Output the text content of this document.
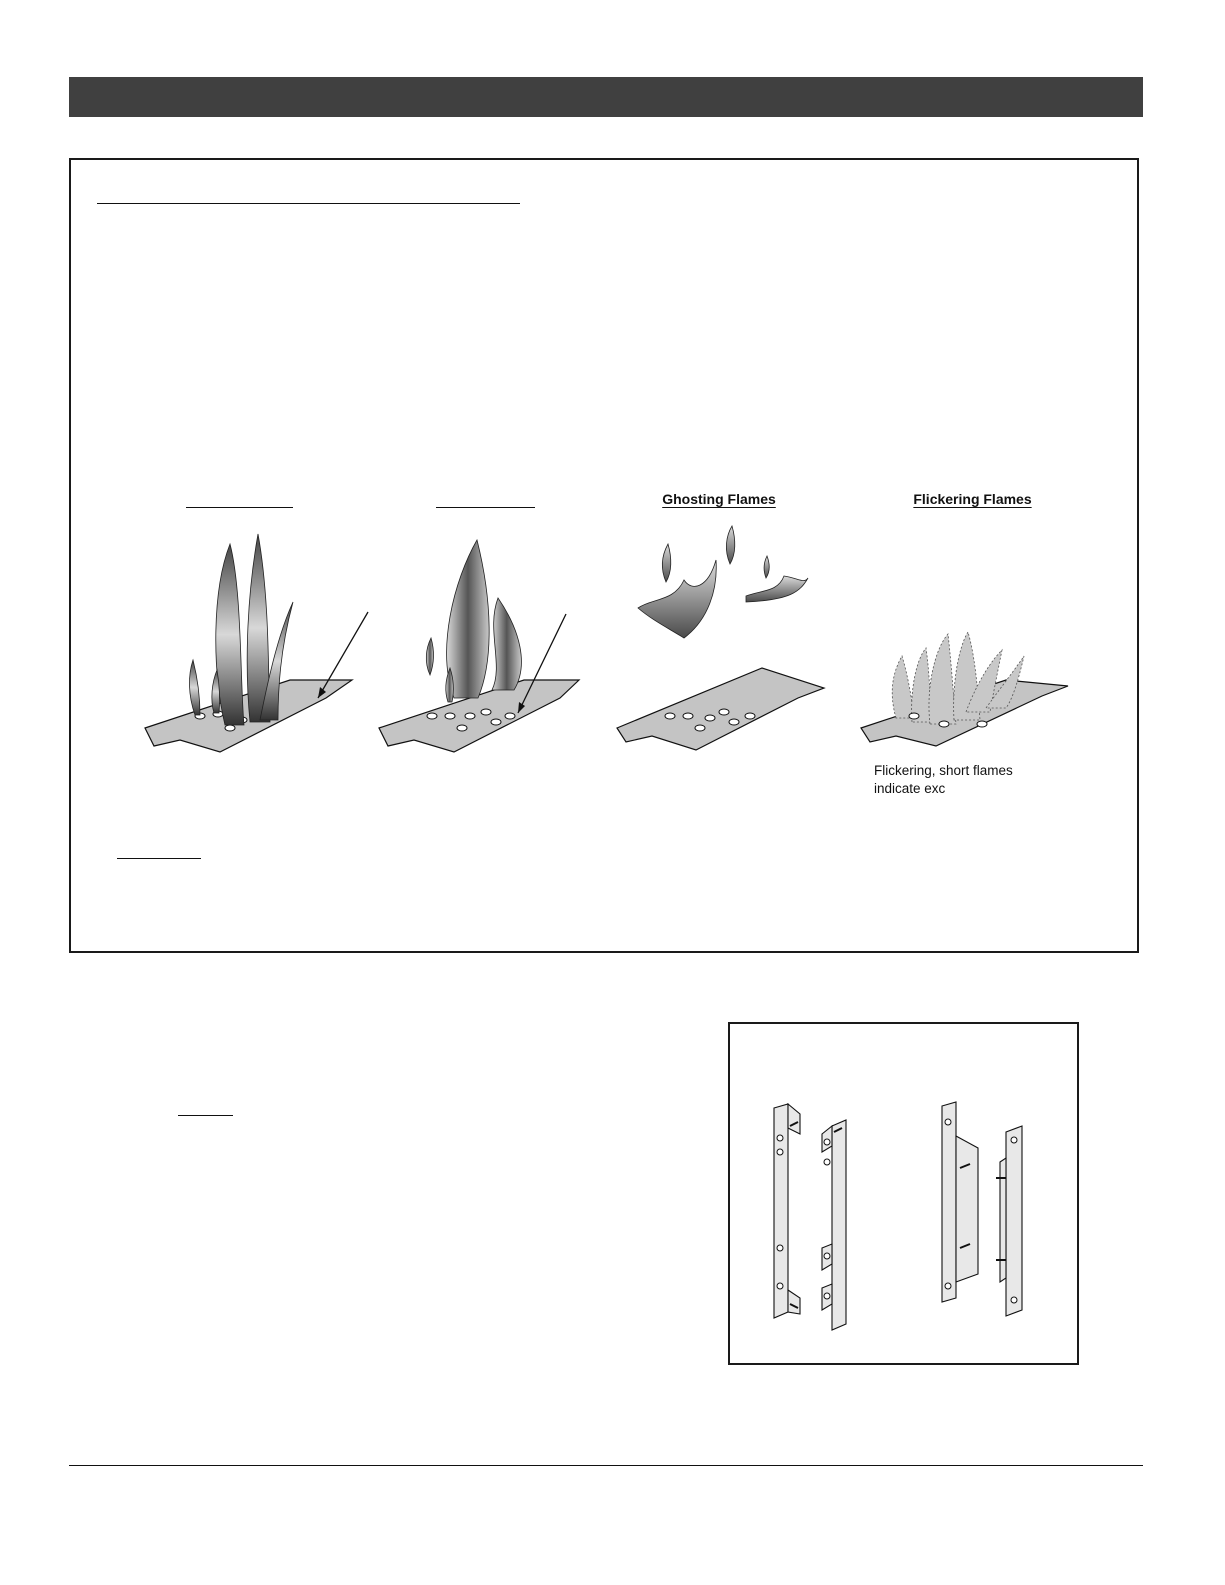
Ghosting Flames	Flickering Flames
Flickering, short flames
indicate exc
